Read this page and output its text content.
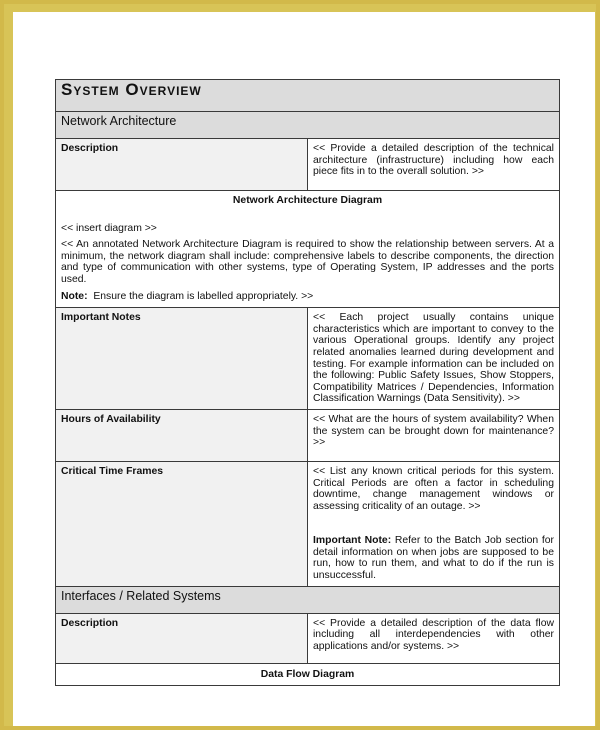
System Overview	
Network Architecture	
Description	<< Provide a detailed description of the technical architecture (infrastructure) including how each piece fits in to the overall solution. >>

Network Architecture Diagram

<< insert diagram >>

<< An annotated Network Architecture Diagram is required to show the relationship between servers. At a minimum, the network diagram shall include: comprehensive labels to describe components, the direction and type of communication with other systems, type of Operating System, IP addresses and the ports used.

Note: Ensure the diagram is labelled appropriately. >>	

Important Notes	<< Each project usually contains unique characteristics which are important to convey to the various Operational groups. Identify any project related anomalies learned during development and testing. For example information can be included on the following: Public Safety Issues, Show Stoppers, Compatibility Matrices / Dependencies, Information Classification Warnings (Data Sensitivity). >>
Hours of Availability	<< What are the hours of system availability? When the system can be brought down for maintenance? >>
Critical Time Frames	<< List any known critical periods for this system. Critical Periods are often a factor in scheduling downtime, change management windows or assessing criticality of an outage. >>

Important Note: Refer to the Batch Job section for detail information on when jobs are supposed to be run, how to run them, and what to do if the run is unsuccessful.

Interfaces / Related Systems	
Description	<< Provide a detailed description of the data flow including all interdependencies with other applications and/or systems. >>

Data Flow Diagram	
